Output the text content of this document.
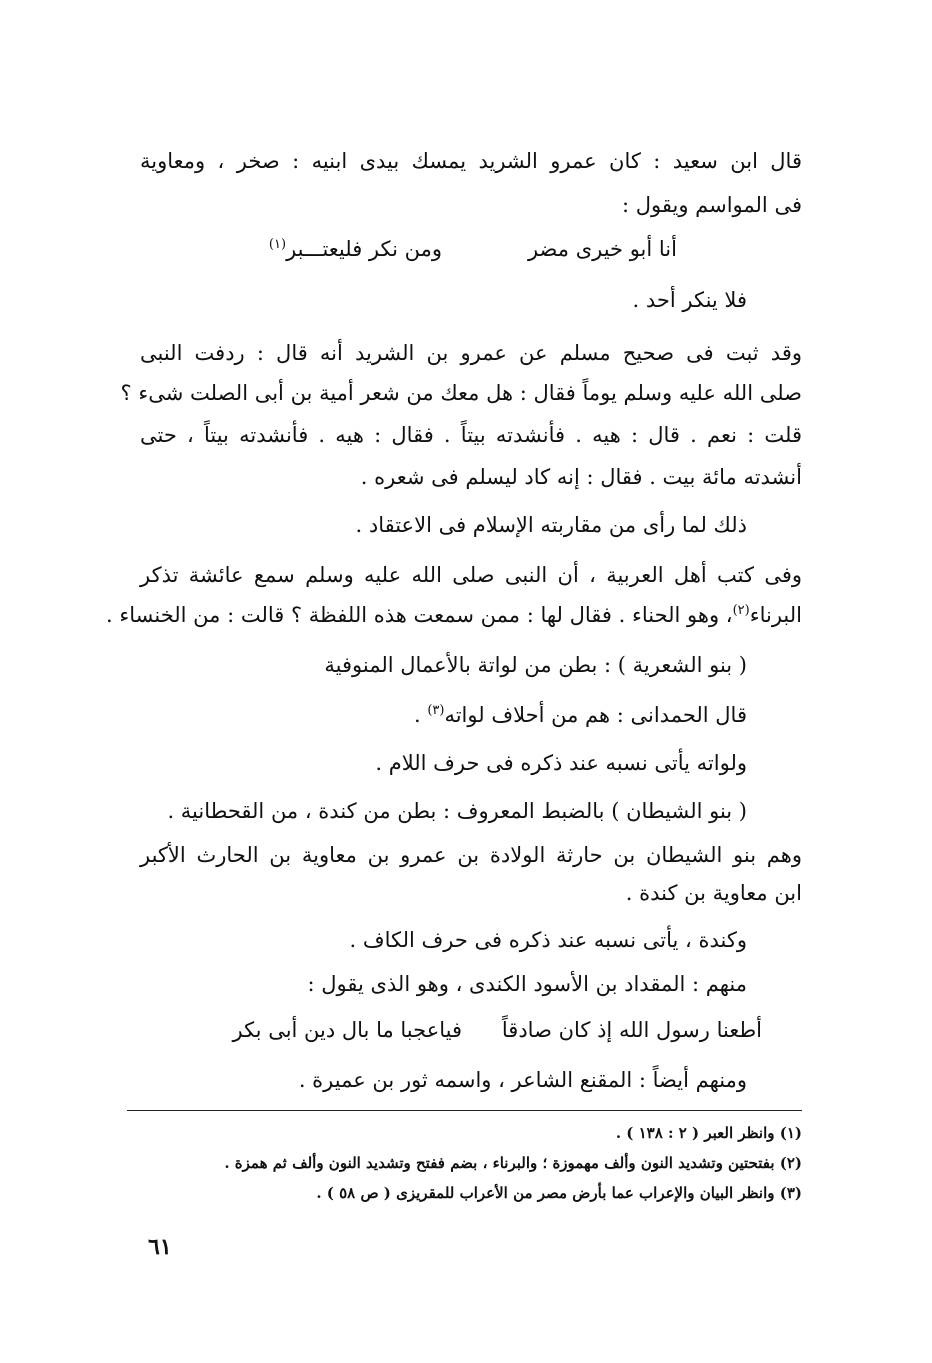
قال ابن سعيد : كان عمرو الشريد يمسك بيدى ابنيه : صخر ، ومعاوية
فى المواسم ويقول :
أنا أبو خيرى مضر
ومن نكر فليعتـــبر$^{(١)}$
فلا ينكر أحد .
وقد ثبت فى صحيح مسلم عن عمرو بن الشريد أنه قال : ردفت النبى
صلى الله عليه وسلم يوماً فقال : هل معك من شعر أمية بن أبى الصلت شىء ؟
قلت : نعم . قال : هيه . فأنشدته بيتاً . فقال : هيه . فأنشدته بيتاً ، حتى
أنشدته مائة بيت . فقال : إنه كاد ليسلم فى شعره .
ذلك لما رأى من مقاربته الإسلام فى الاعتقاد .
وفى كتب أهل العربية ، أن النبى صلى الله عليه وسلم سمع عائشة تذكر
البرناء$^{(٢)}$، وهو الحناء . فقال لها : ممن سمعت هذه اللفظة ؟ قالت : من الخنساء .
( بنو الشعرية ) : بطن من لواتة بالأعمال المنوفية
قال الحمدانى : هم من أحلاف لواته$^{(٣)}$ .
ولواته يأتى نسبه عند ذكره فى حرف اللام .
( بنو الشيطان ) بالضبط المعروف : بطن من كندة ، من القحطانية .
وهم بنو الشيطان بن حارثة الولادة بن عمرو بن معاوية بن الحارث الأكبر
ابن معاوية بن كندة .
وكندة ، يأتى نسبه عند ذكره فى حرف الكاف .
منهم : المقداد بن الأسود الكندى ، وهو الذى يقول :
أطعنا رسول الله إذ كان صادقاً
فياعجبا ما بال دين أبى بكر
ومنهم أيضاً : المقنع الشاعر ، واسمه ثور بن عميرة .
(١) وانظر العبر ( ٢ : ١٣٨ ) .
(٢) بفتحتين وتشديد النون وألف مهموزة ؛ والبرناء ، بضم ففتح وتشديد النون وألف ثم همزة .
(٣) وانظر البيان والإعراب عما بأرض مصر من الأعراب للمقريزى ( ص ٥٨ ) .
٦١
